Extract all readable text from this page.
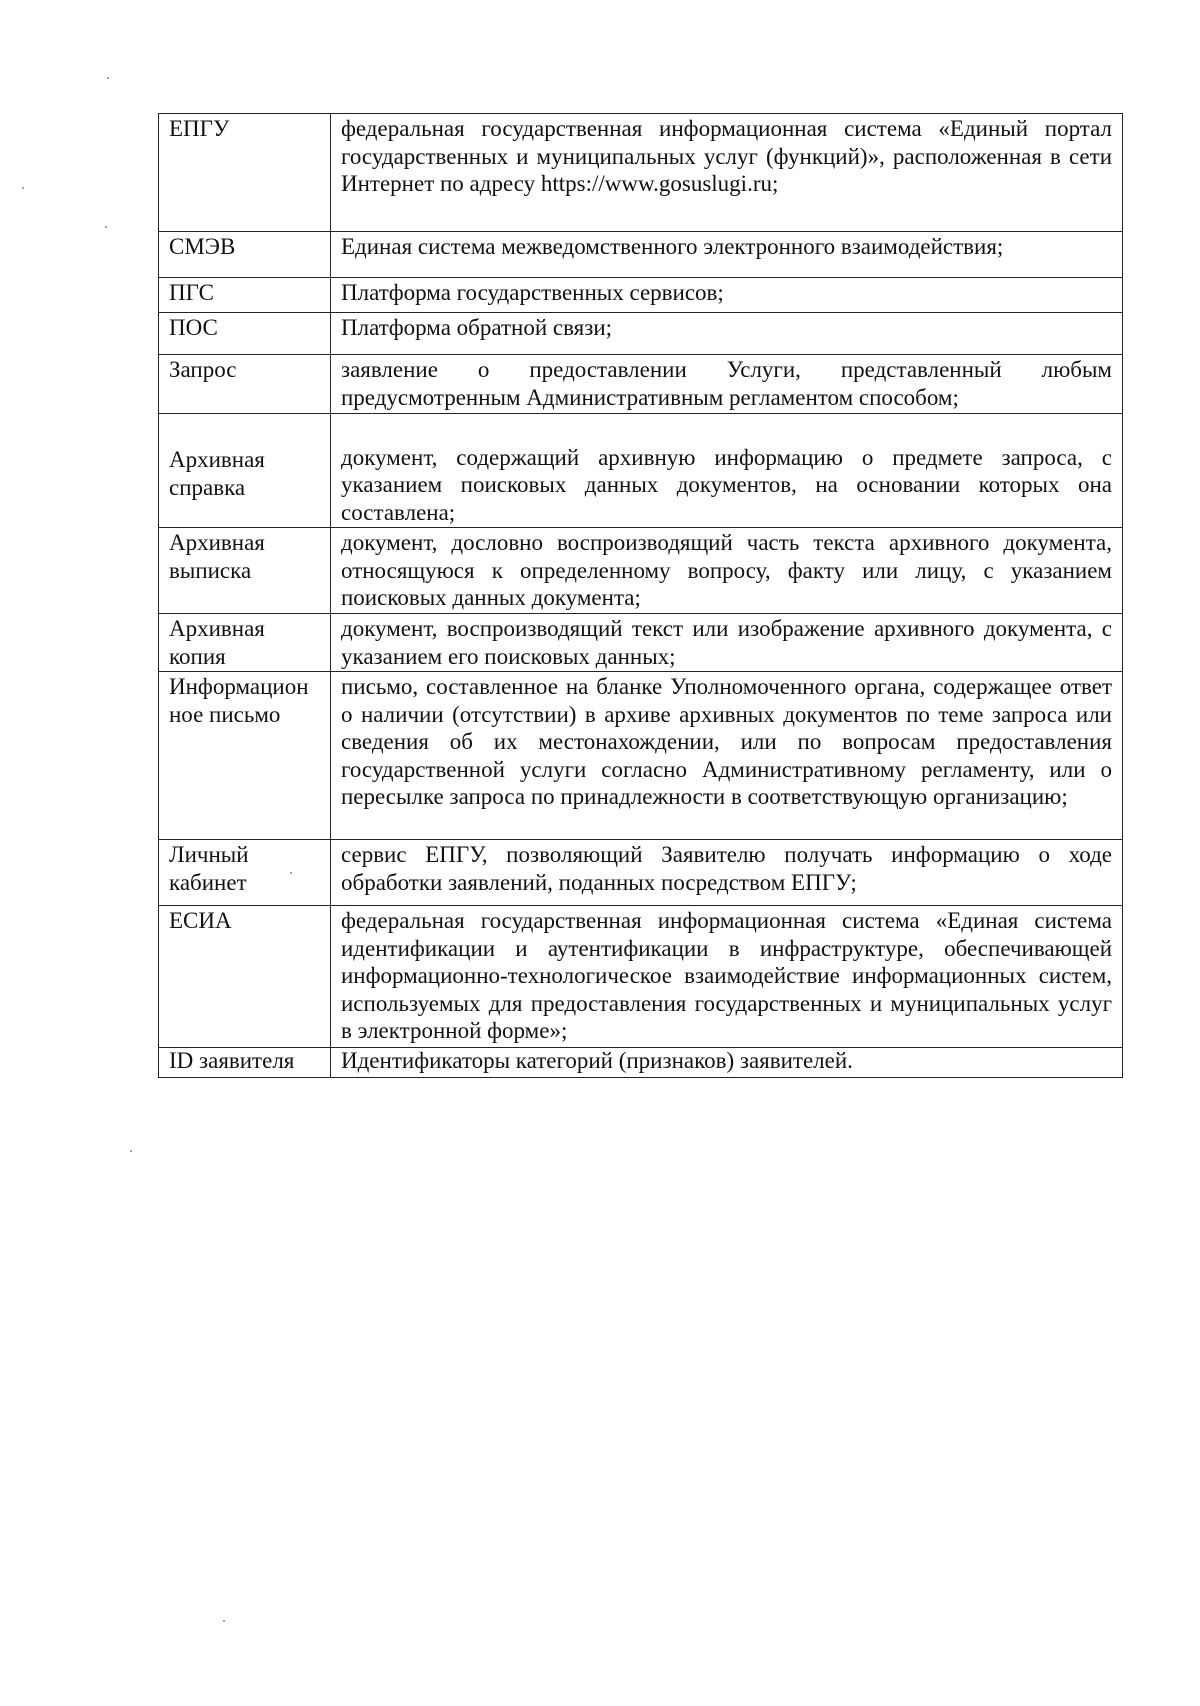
ЕПГУ	федеральная государственная информационная система «Единый портал государственных и муниципальных услуг (функций)», расположенная в сети Интернет по адресу https://www.gosuslugi.ru;
СМЭВ	Единая система межведомственного электронного взаимодействия;
ПГС	Платформа государственных сервисов;
ПОС	Платформа обратной связи;
Запрос	заявление о предоставлении Услуги, представленный любым предусмотренным Административным регламентом способом;
Архивная справка	документ, содержащий архивную информацию о предмете запроса, с указанием поисковых данных документов, на основании которых она составлена;
Архивная выписка	документ, дословно воспроизводящий часть текста архивного документа, относящуюся к определенному вопросу, факту или лицу, с указанием поисковых данных документа;
Архивная копия	документ, воспроизводящий текст или изображение архивного документа, с указанием его поисковых данных;
Информационное письмо	письмо, составленное на бланке Уполномоченного органа, содержащее ответ о наличии (отсутствии) в архиве архивных документов по теме запроса или сведения об их местонахождении, или по вопросам предоставления государственной услуги согласно Административному регламенту, или о пересылке запроса по принадлежности в соответствующую организацию;
Личный кабинет	сервис ЕПГУ, позволяющий Заявителю получать информацию о ходе обработки заявлений, поданных посредством ЕПГУ;
ЕСИА	федеральная государственная информационная система «Единая система идентификации и аутентификации в инфраструктуре, обеспечивающей информационно-технологическое взаимодействие информационных систем, используемых для предоставления государственных и муниципальных услуг в электронной форме»;
ID заявителя	Идентификаторы категорий (признаков) заявителей.
